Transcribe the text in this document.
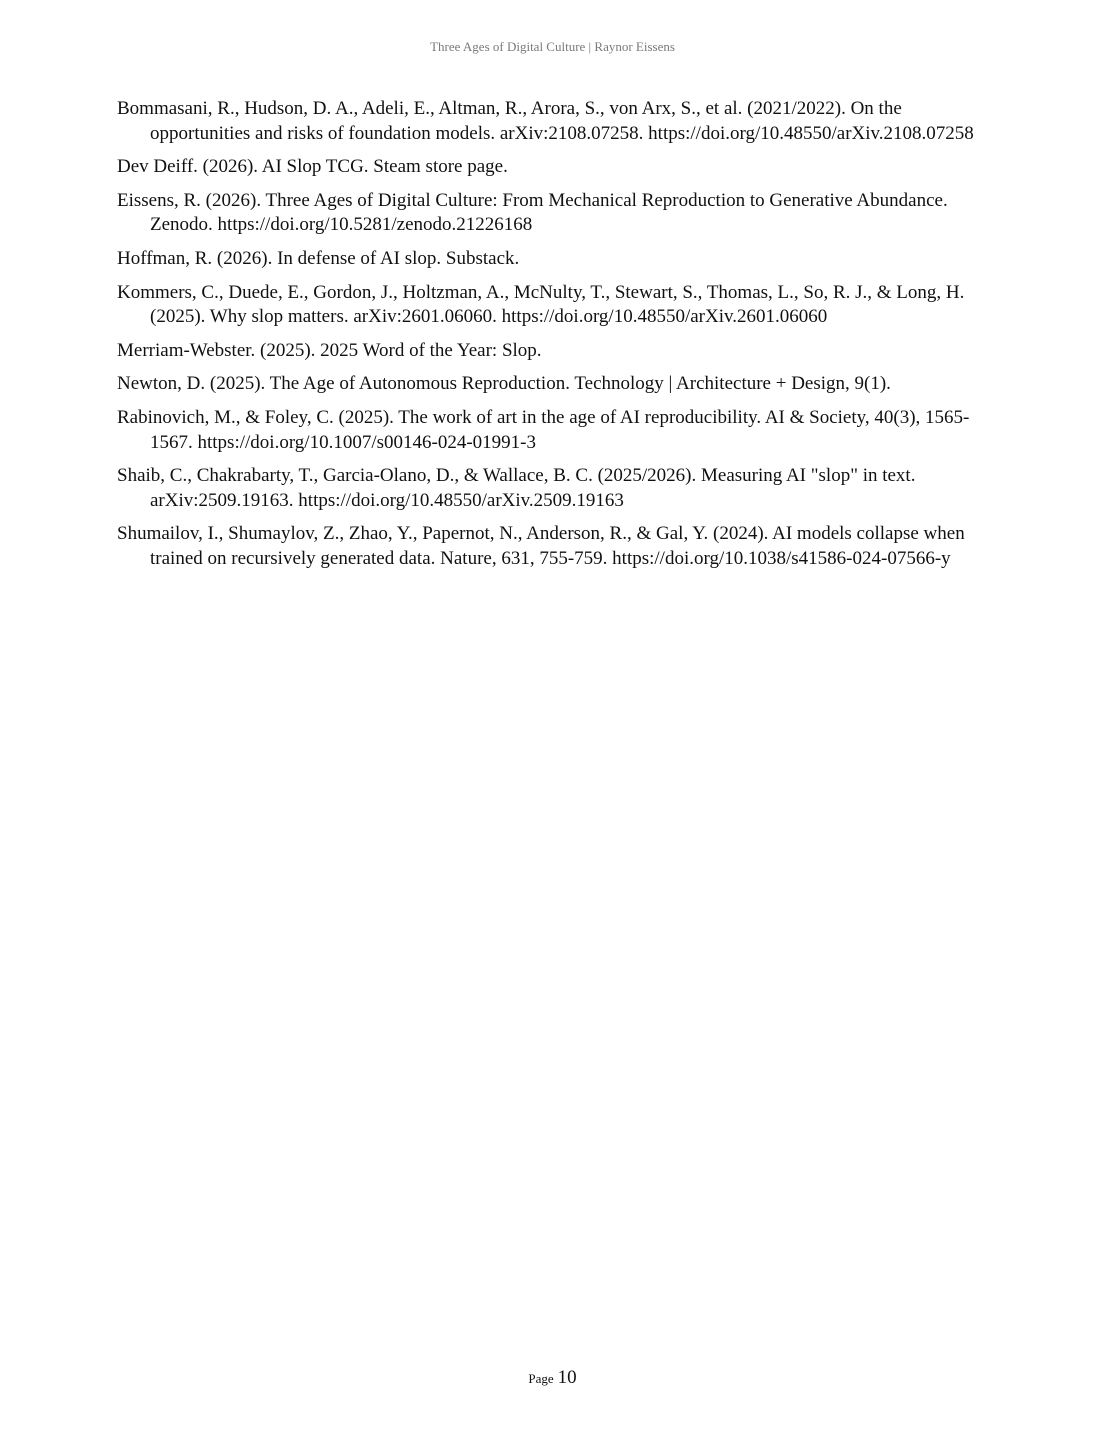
Three Ages of Digital Culture | Raynor Eissens
Bommasani, R., Hudson, D. A., Adeli, E., Altman, R., Arora, S., von Arx, S., et al. (2021/2022). On the opportunities and risks of foundation models. arXiv:2108.07258. https://doi.org/10.48550/arXiv.2108.07258
Dev Deiff. (2026). AI Slop TCG. Steam store page.
Eissens, R. (2026). Three Ages of Digital Culture: From Mechanical Reproduction to Generative Abundance. Zenodo. https://doi.org/10.5281/zenodo.21226168
Hoffman, R. (2026). In defense of AI slop. Substack.
Kommers, C., Duede, E., Gordon, J., Holtzman, A., McNulty, T., Stewart, S., Thomas, L., So, R. J., & Long, H. (2025). Why slop matters. arXiv:2601.06060. https://doi.org/10.48550/arXiv.2601.06060
Merriam-Webster. (2025). 2025 Word of the Year: Slop.
Newton, D. (2025). The Age of Autonomous Reproduction. Technology | Architecture + Design, 9(1).
Rabinovich, M., & Foley, C. (2025). The work of art in the age of AI reproducibility. AI & Society, 40(3), 1565-1567. https://doi.org/10.1007/s00146-024-01991-3
Shaib, C., Chakrabarty, T., Garcia-Olano, D., & Wallace, B. C. (2025/2026). Measuring AI "slop" in text. arXiv:2509.19163. https://doi.org/10.48550/arXiv.2509.19163
Shumailov, I., Shumaylov, Z., Zhao, Y., Papernot, N., Anderson, R., & Gal, Y. (2024). AI models collapse when trained on recursively generated data. Nature, 631, 755-759. https://doi.org/10.1038/s41586-024-07566-y
Page 10
